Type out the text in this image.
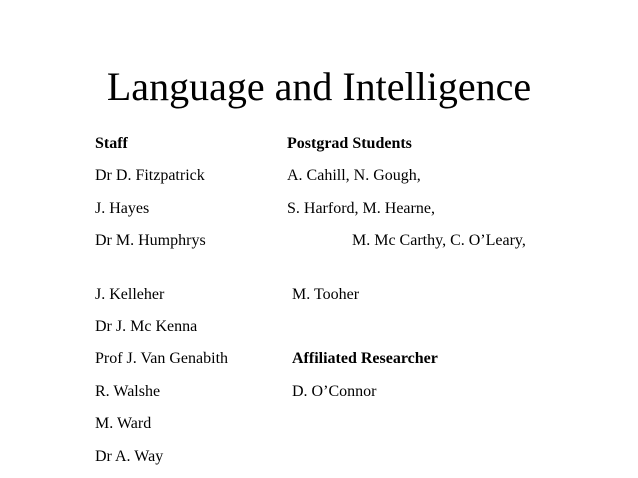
Language and Intelligence
Staff
Dr D. Fitzpatrick
J. Hayes
Dr M. Humphrys
J. Kelleher
Dr J. Mc Kenna
Prof J. Van Genabith
R. Walshe
M. Ward
Dr A. Way
Postgrad Students
A. Cahill, N. Gough,
S. Harford, M. Hearne,
M. Mc Carthy, C. O’Leary,
M. Tooher
Affiliated Researcher
D. O’Connor
